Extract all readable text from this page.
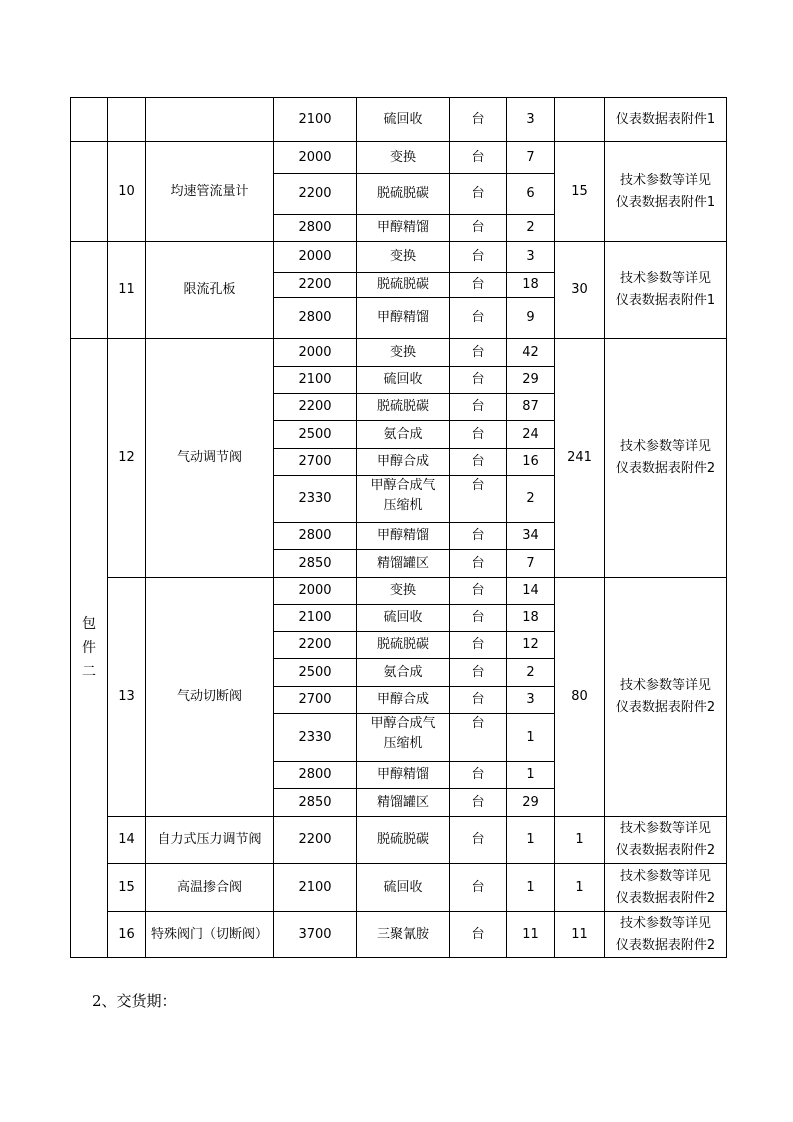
			2100	硫回收	台	3		仪表数据表附件1
	10	均速管流量计	2000	变换	台	7	15	技术参数等详见
仪表数据表附件1
			2200	脱硫脱碳	台	6		
			2800	甲醇精馏	台	2		
	11	限流孔板	2000	变换	台	3	30	技术参数等详见
仪表数据表附件1
			2200	脱硫脱碳	台	18		
			2800	甲醇精馏	台	9		
包
件
二	12	气动调节阀	2000	变换	台	42	241	技术参数等详见
仪表数据表附件2
			2100	硫回收	台	29		
			2200	脱硫脱碳	台	87		
			2500	氨合成	台	24		
			2700	甲醇合成	台	16		
			2330	甲醇合成气
压缩机	台	2		
			2800	甲醇精馏	台	34		
			2850	精馏罐区	台	7		
	13	气动切断阀	2000	变换	台	14	80	技术参数等详见
仪表数据表附件2
			2100	硫回收	台	18		
			2200	脱硫脱碳	台	12		
			2500	氨合成	台	2		
			2700	甲醇合成	台	3		
			2330	甲醇合成气
压缩机	台	1		
			2800	甲醇精馏	台	1		
			2850	精馏罐区	台	29		
	14	自力式压力调节阀	2200	脱硫脱碳	台	1	1	技术参数等详见
仪表数据表附件2
	15	高温掺合阀	2100	硫回收	台	1	1	技术参数等详见
仪表数据表附件2
	16	特殊阀门（切断阀）	3700	三聚氰胺	台	11	11	技术参数等详见
仪表数据表附件2
2、交货期：
